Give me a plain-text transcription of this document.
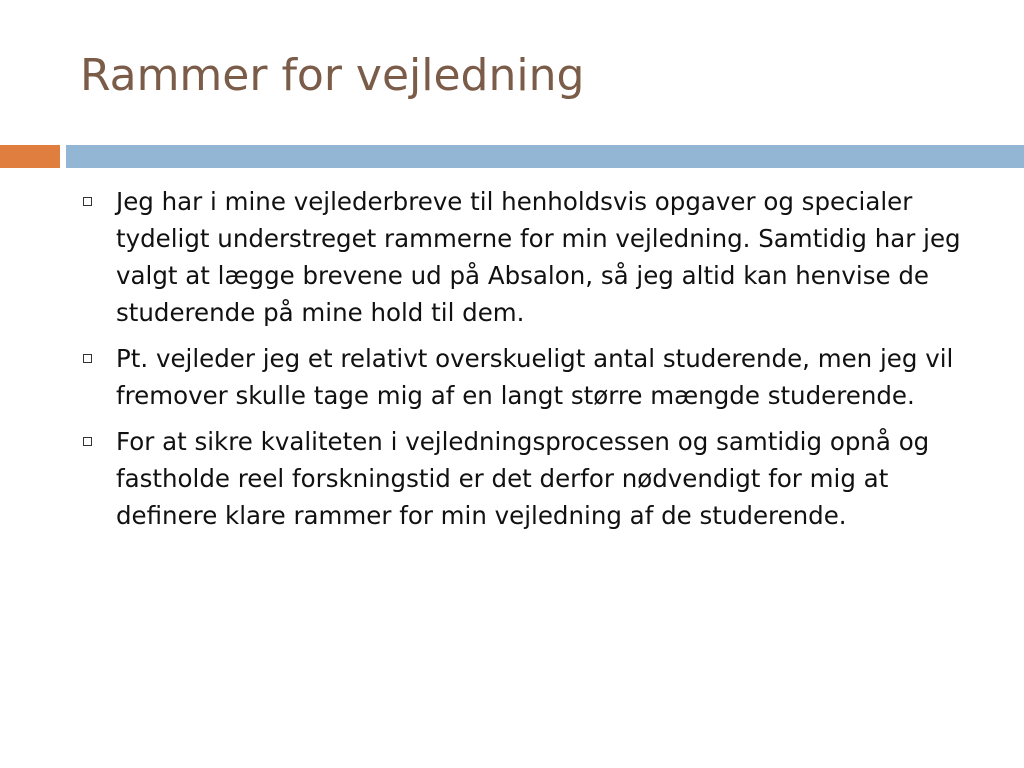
Rammer for vejledning
Jeg har i mine vejlederbreve til henholdsvis opgaver og specialer tydeligt understreget rammerne for min vejledning. Samtidig har jeg valgt at lægge brevene ud på Absalon, så jeg altid kan henvise de studerende på mine hold til dem.
Pt. vejleder jeg et relativt overskueligt antal studerende, men jeg vil fremover skulle tage mig af en langt større mængde studerende.
For at sikre kvaliteten i vejledningsprocessen og samtidig opnå og fastholde reel forskningstid er det derfor nødvendigt for mig at definere klare rammer for min vejledning af de studerende.
